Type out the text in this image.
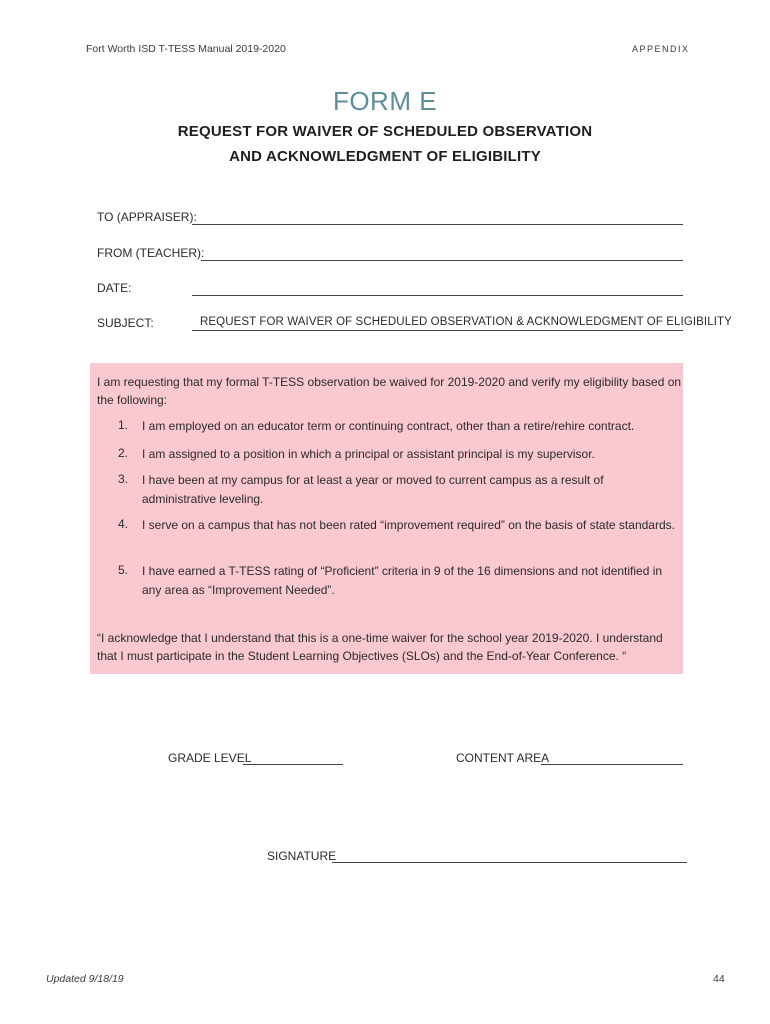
Fort Worth ISD T-TESS Manual 2019-2020	APPENDIX
FORM E
REQUEST FOR WAIVER OF SCHEDULED OBSERVATION
AND ACKNOWLEDGMENT OF ELIGIBILITY
TO (APPRAISER):
FROM (TEACHER):
DATE:
SUBJECT:	REQUEST FOR WAIVER OF SCHEDULED OBSERVATION & ACKNOWLEDGMENT OF ELIGIBILITY
I am requesting that my formal T-TESS observation be waived for 2019-2020 and verify my eligibility based on the following:
1. I am employed on an educator term or continuing contract, other than a retire/rehire contract.
2. I am assigned to a position in which a principal or assistant principal is my supervisor.
3. I have been at my campus for at least a year or moved to current campus as a result of administrative leveling.
4. I serve on a campus that has not been rated “improvement required” on the basis of state standards.
5. I have earned a T-TESS rating of “Proficient” criteria in 9 of the 16 dimensions and not identified in any area as “Improvement Needed”.
“I acknowledge that I understand that this is a one-time waiver for the school year 2019-2020. I understand that I must participate in the Student Learning Objectives (SLOs) and the End-of-Year Conference. “
GRADE LEVEL	CONTENT AREA
SIGNATURE
Updated 9/18/19	44
